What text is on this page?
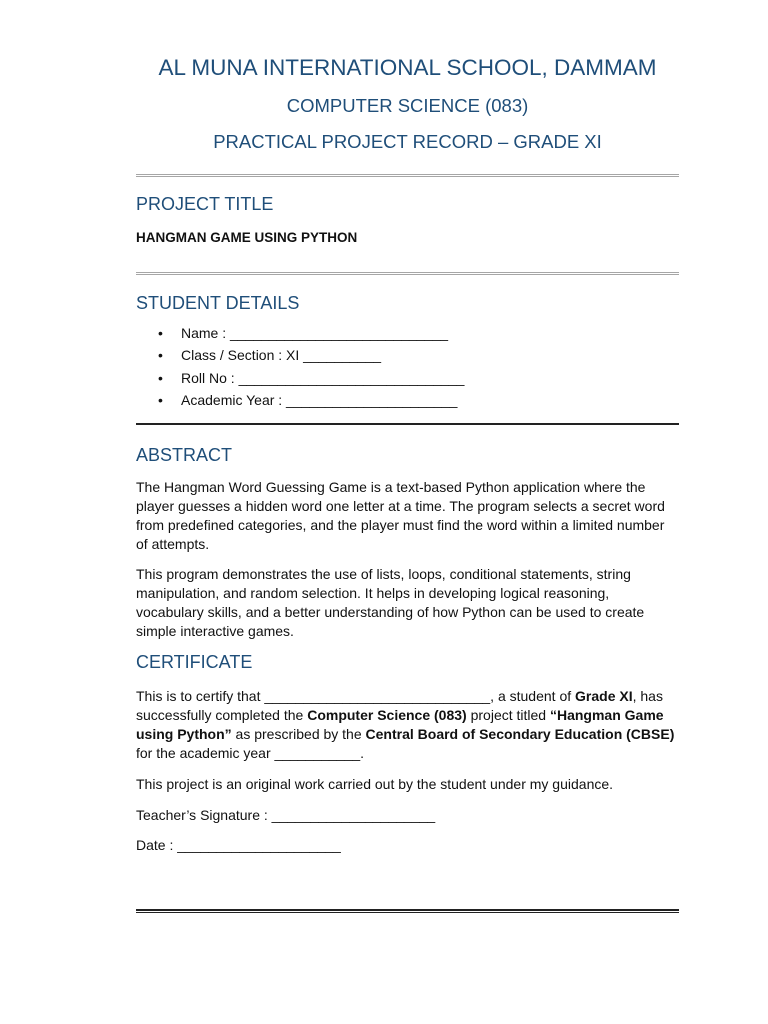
AL MUNA INTERNATIONAL SCHOOL, DAMMAM
COMPUTER SCIENCE (083)
PRACTICAL PROJECT RECORD – GRADE XI
PROJECT TITLE
HANGMAN GAME USING PYTHON
STUDENT DETAILS
• Name : ____________________________
• Class / Section : XI __________
• Roll No : _____________________________
• Academic Year : ______________________
ABSTRACT

The Hangman Word Guessing Game is a text-based Python application where the player guesses a hidden word one letter at a time. The program selects a secret word from predefined categories, and the player must find the word within a limited number of attempts.

This program demonstrates the use of lists, loops, conditional statements, string manipulation, and random selection. It helps in developing logical reasoning, vocabulary skills, and a better understanding of how Python can be used to create simple interactive games.

CERTIFICATE

This is to certify that _____________________________, a student of Grade XI, has successfully completed the Computer Science (083) project titled “Hangman Game using Python” as prescribed by the Central Board of Secondary Education (CBSE) for the academic year ___________.

This project is an original work carried out by the student under my guidance.

Teacher’s Signature : _____________________

Date : _____________________
